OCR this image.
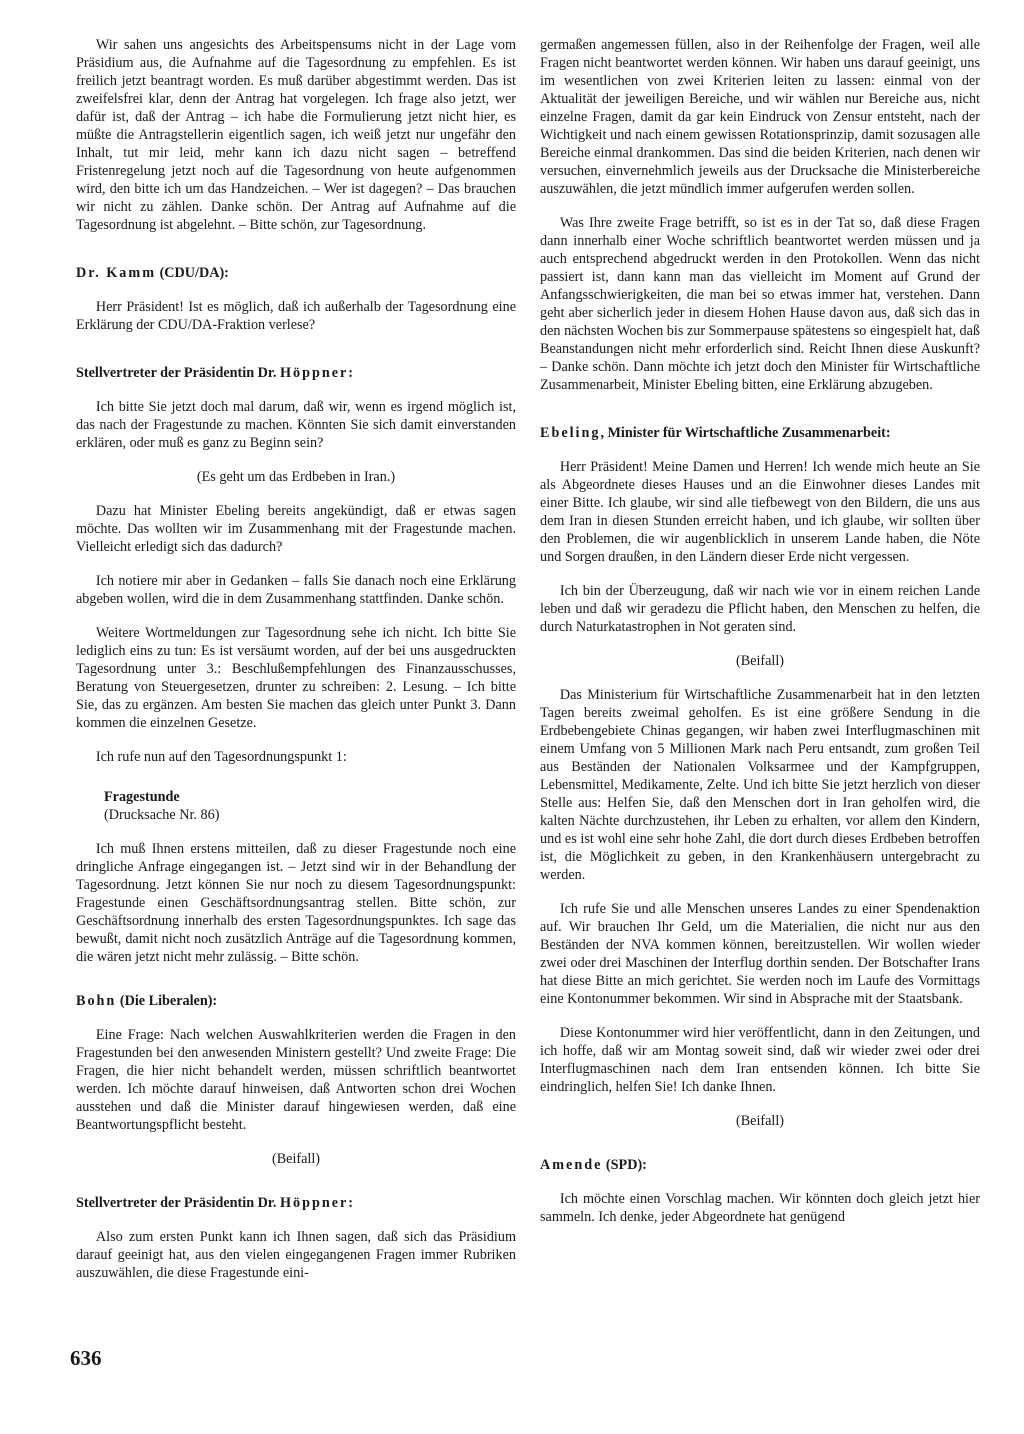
Wir sahen uns angesichts des Arbeitspensums nicht in der Lage vom Präsidium aus, die Aufnahme auf die Tagesordnung zu empfehlen. Es ist freilich jetzt beantragt worden. Es muß darüber abgestimmt werden. Das ist zweifelsfrei klar, denn der Antrag hat vorgelegen. Ich frage also jetzt, wer dafür ist, daß der Antrag – ich habe die Formulierung jetzt nicht hier, es müßte die Antragstellerin eigentlich sagen, ich weiß jetzt nur ungefähr den Inhalt, tut mir leid, mehr kann ich dazu nicht sagen – betreffend Fristenregelung jetzt noch auf die Tagesordnung von heute aufgenommen wird, den bitte ich um das Handzeichen. – Wer ist dagegen? – Das brauchen wir nicht zu zählen. Danke schön. Der Antrag auf Aufnahme auf die Tagesordnung ist abgelehnt. – Bitte schön, zur Tagesordnung.

Dr. Kamm (CDU/DA):

Herr Präsident! Ist es möglich, daß ich außerhalb der Tagesordnung eine Erklärung der CDU/DA-Fraktion verlese?

Stellvertreter der Präsidentin Dr. Höppner:

Ich bitte Sie jetzt doch mal darum, daß wir, wenn es irgend möglich ist, das nach der Fragestunde zu machen. Könnten Sie sich damit einverstanden erklären, oder muß es ganz zu Beginn sein?

(Es geht um das Erdbeben in Iran.)

Dazu hat Minister Ebeling bereits angekündigt, daß er etwas sagen möchte. Das wollten wir im Zusammenhang mit der Fragestunde machen. Vielleicht erledigt sich das dadurch?

Ich notiere mir aber in Gedanken – falls Sie danach noch eine Erklärung abgeben wollen, wird die in dem Zusammenhang stattfinden. Danke schön.

Weitere Wortmeldungen zur Tagesordnung sehe ich nicht. Ich bitte Sie lediglich eins zu tun: Es ist versäumt worden, auf der bei uns ausgedruckten Tagesordnung unter 3.: Beschlußempfehlungen des Finanzausschusses, Beratung von Steuergesetzen, drunter zu schreiben: 2. Lesung. – Ich bitte Sie, das zu ergänzen. Am besten Sie machen das gleich unter Punkt 3. Dann kommen die einzelnen Gesetze.

Ich rufe nun auf den Tagesordnungspunkt 1:

Fragestunde
(Drucksache Nr. 86)

Ich muß Ihnen erstens mitteilen, daß zu dieser Fragestunde noch eine dringliche Anfrage eingegangen ist. – Jetzt sind wir in der Behandlung der Tagesordnung. Jetzt können Sie nur noch zu diesem Tagesordnungspunkt: Fragestunde einen Geschäftsordnungsantrag stellen. Bitte schön, zur Geschäftsordnung innerhalb des ersten Tagesordnungspunktes. Ich sage das bewußt, damit nicht noch zusätzlich Anträge auf die Tagesordnung kommen, die wären jetzt nicht mehr zulässig. – Bitte schön.

Bohn (Die Liberalen):

Eine Frage: Nach welchen Auswahlkriterien werden die Fragen in den Fragestunden bei den anwesenden Ministern gestellt? Und zweite Frage: Die Fragen, die hier nicht behandelt werden, müssen schriftlich beantwortet werden. Ich möchte darauf hinweisen, daß Antworten schon drei Wochen ausstehen und daß die Minister darauf hingewiesen werden, daß eine Beantwortungspflicht besteht.

(Beifall)

Stellvertreter der Präsidentin Dr. Höppner:

Also zum ersten Punkt kann ich Ihnen sagen, daß sich das Präsidium darauf geeinigt hat, aus den vielen eingegangenen Fragen immer Rubriken auszuwählen, die diese Fragestunde eini-

germaßen angemessen füllen, also in der Reihenfolge der Fragen, weil alle Fragen nicht beantwortet werden können. Wir haben uns darauf geeinigt, uns im wesentlichen von zwei Kriterien leiten zu lassen: einmal von der Aktualität der jeweiligen Bereiche, und wir wählen nur Bereiche aus, nicht einzelne Fragen, damit da gar kein Eindruck von Zensur entsteht, nach der Wichtigkeit und nach einem gewissen Rotationsprinzip, damit sozusagen alle Bereiche einmal drankommen. Das sind die beiden Kriterien, nach denen wir versuchen, einvernehmlich jeweils aus der Drucksache die Ministerbereiche auszuwählen, die jetzt mündlich immer aufgerufen werden sollen.

Was Ihre zweite Frage betrifft, so ist es in der Tat so, daß diese Fragen dann innerhalb einer Woche schriftlich beantwortet werden müssen und ja auch entsprechend abgedruckt werden in den Protokollen. Wenn das nicht passiert ist, dann kann man das vielleicht im Moment auf Grund der Anfangsschwierigkeiten, die man bei so etwas immer hat, verstehen. Dann geht aber sicherlich jeder in diesem Hohen Hause davon aus, daß sich das in den nächsten Wochen bis zur Sommerpause spätestens so eingespielt hat, daß Beanstandungen nicht mehr erforderlich sind. Reicht Ihnen diese Auskunft? – Danke schön. Dann möchte ich jetzt doch den Minister für Wirtschaftliche Zusammenarbeit, Minister Ebeling bitten, eine Erklärung abzugeben.

Ebeling, Minister für Wirtschaftliche Zusammenarbeit:

Herr Präsident! Meine Damen und Herren! Ich wende mich heute an Sie als Abgeordnete dieses Hauses und an die Einwohner dieses Landes mit einer Bitte. Ich glaube, wir sind alle tiefbewegt von den Bildern, die uns aus dem Iran in diesen Stunden erreicht haben, und ich glaube, wir sollten über den Problemen, die wir augenblicklich in unserem Lande haben, die Nöte und Sorgen draußen, in den Ländern dieser Erde nicht vergessen.

Ich bin der Überzeugung, daß wir nach wie vor in einem reichen Lande leben und daß wir geradezu die Pflicht haben, den Menschen zu helfen, die durch Naturkatastrophen in Not geraten sind.

(Beifall)

Das Ministerium für Wirtschaftliche Zusammenarbeit hat in den letzten Tagen bereits zweimal geholfen. Es ist eine größere Sendung in die Erdbebengebiete Chinas gegangen, wir haben zwei Interflugmaschinen mit einem Umfang von 5 Millionen Mark nach Peru entsandt, zum großen Teil aus Beständen der Nationalen Volksarmee und der Kampfgruppen, Lebensmittel, Medikamente, Zelte. Und ich bitte Sie jetzt herzlich von dieser Stelle aus: Helfen Sie, daß den Menschen dort in Iran geholfen wird, die kalten Nächte durchzustehen, ihr Leben zu erhalten, vor allem den Kindern, und es ist wohl eine sehr hohe Zahl, die dort durch dieses Erdbeben betroffen ist, die Möglichkeit zu geben, in den Krankenhäusern untergebracht zu werden.

Ich rufe Sie und alle Menschen unseres Landes zu einer Spendenaktion auf. Wir brauchen Ihr Geld, um die Materialien, die nicht nur aus den Beständen der NVA kommen können, bereitzustellen. Wir wollen wieder zwei oder drei Maschinen der Interflug dorthin senden. Der Botschafter Irans hat diese Bitte an mich gerichtet. Sie werden noch im Laufe des Vormittags eine Kontonummer bekommen. Wir sind in Absprache mit der Staatsbank.

Diese Kontonummer wird hier veröffentlicht, dann in den Zeitungen, und ich hoffe, daß wir am Montag soweit sind, daß wir wieder zwei oder drei Interflugmaschinen nach dem Iran entsenden können. Ich bitte Sie eindringlich, helfen Sie! Ich danke Ihnen.

(Beifall)

Amende (SPD):

Ich möchte einen Vorschlag machen. Wir könnten doch gleich jetzt hier sammeln. Ich denke, jeder Abgeordnete hat genügend

636
